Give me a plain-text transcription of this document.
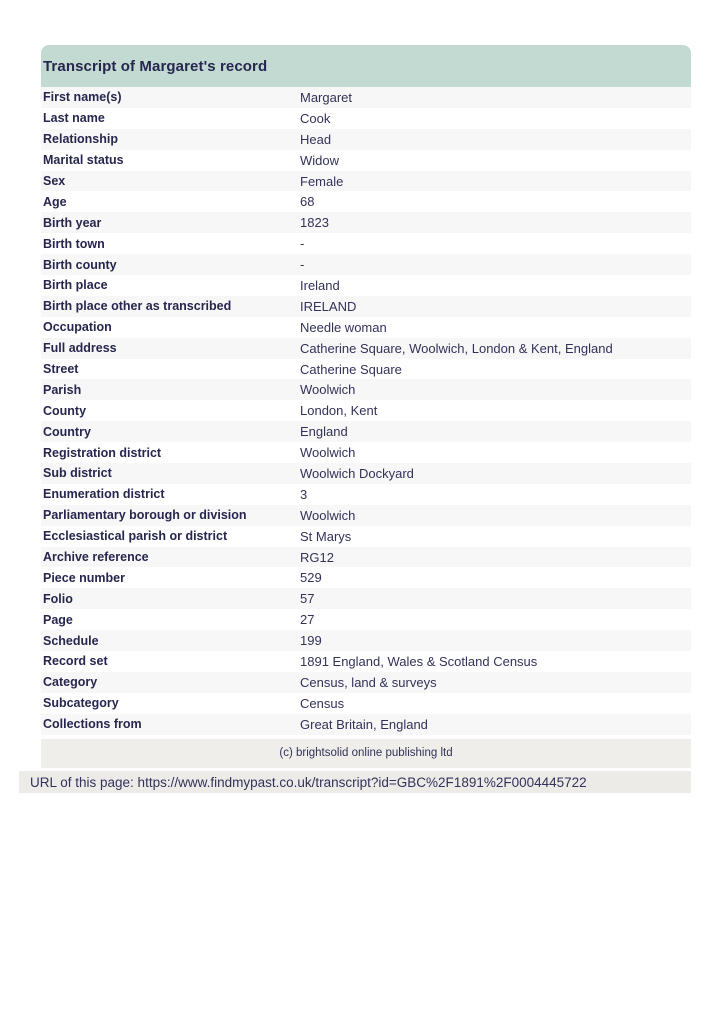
Transcript of Margaret's record
First name(s)	Margaret
Last name	Cook
Relationship	Head
Marital status	Widow
Sex	Female
Age	68
Birth year	1823
Birth town	-
Birth county	-
Birth place	Ireland
Birth place other as transcribed	IRELAND
Occupation	Needle woman
Full address	Catherine Square, Woolwich, London & Kent, England
Street	Catherine Square
Parish	Woolwich
County	London, Kent
Country	England
Registration district	Woolwich
Sub district	Woolwich Dockyard
Enumeration district	3
Parliamentary borough or division	Woolwich
Ecclesiastical parish or district	St Marys
Archive reference	RG12
Piece number	529
Folio	57
Page	27
Schedule	199
Record set	1891 England, Wales & Scotland Census
Category	Census, land & surveys
Subcategory	Census
Collections from	Great Britain, England
(c) brightsolid online publishing ltd
URL of this page: https://www.findmypast.co.uk/transcript?id=GBC%2F1891%2F0004445722
